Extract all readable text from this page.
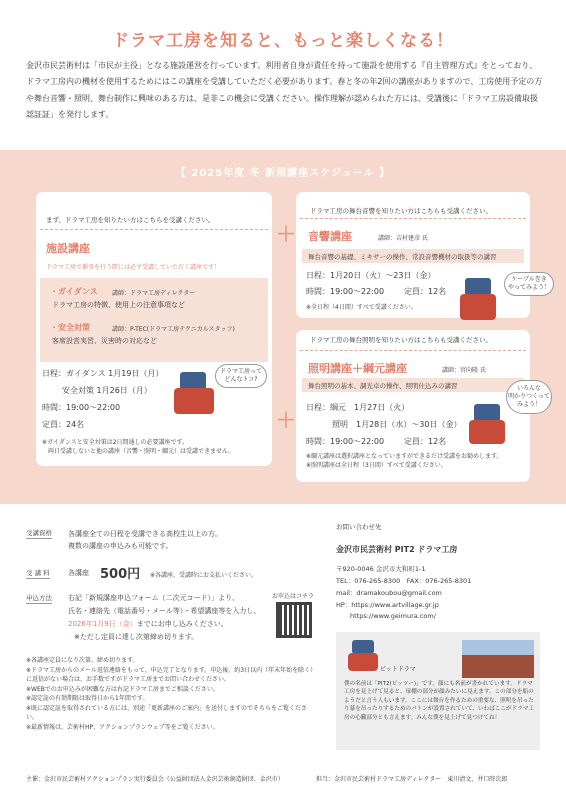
ドラマ工房を知ると、もっと楽しくなる！
金沢市民芸術村は「市民が主役」となる施設運営を行っています。利用者自身が責任を持って施設を使用する『自主管理方式』をとっており、ドラマ工房内の機材を使用するためにはこの講座を受講していただく必要があります。春と冬の年2回の講座がありますので、工房使用予定の方や舞台音響・照明、舞台制作に興味のある方は、是非この機会に受講ください。操作理解が認められた方には、受講後に「ドラマ工房設備取扱認証証」を発行します。
【 2025年度 冬 新規講座スケジュール 】
まず、ドラマ工房を知りたい方はこちらを受講ください。
施設講座
ドラマ工房で催事を行う際には必ず受講していただく講座です！
・ガイダンス 講師：ドラマ工房ディレクター
ドラマ工房の特徴、使用上の注意事項など
・安全対策	講師：P-TEC(ドラマ工房テクニカルスタッフ)
客席設営実習、災害時の対応など
日程：ガイダンス 1月19日（月）
安全対策 1月26日（月）
時間：19:00～22:00
定員：24名
※ガイダンスと安全対策は2日間通しの必要講座です。
　両日受講しないと他の講座（音響・照明・綱元）は受講できません。
ドラマ工房って
どんなトコ?
＋
＋
ドラマ工房の舞台音響を知りたい方はこちらも受講ください。
音響講座	講師：吉村建彦 氏
舞台音響の基礎、ミキサーの操作、常設音響機材の取扱等の講習
日程：1月20日（火）～23日（金）
時間：19:00～22:00 定員：12名
※全日程（4日間）すべて受講ください。
ケーブル巻き
やってみよう！
ドラマ工房の舞台照明を知りたい方はこちらも受講ください。
照明講座＋綱元講座	講師：宮向隆 氏
舞台照明の基本、調光卓の操作、照明仕込みの講習
日程：綱元　1月27日（火）
照明　1月28日（水）～30日（金）
時間：19:00～22:00 定員：12名
※綱元講座は選択講座となっていますができるだけ受講をお勧めします。
※照明講座は全日程（3日間）すべて受講ください。
いろんな
明かりつくって
みよう！
受講資格 各講座全ての日程を受講できる高校生以上の方。
複数の講座の申込みも可能です。
受 講 料	各講座 500円 ※各講座、受講時にお支払いください。
申込方法 右記「新規講座申込フォーム（二次元コード）」より、
氏名・連絡先（電話番号・メール等）・希望講座等を入力し、
2026年1月9日（金）までにお申し込みください。
※ただし定員に達し次第締め切ります。
お申込はコチラ
※各講座定員になり次第、締め切ります。
※ドラマ工房からのメール返信連絡をもって、申込完了となります。申込後、約3日以内（年末年始を除く）に返信がない場合は、お手数ですがドラマ工房までお問い合わせください。
※WEBでのお申込みが困難な方は右記ドラマ工房までご相談ください。
※認定証の有効期限は取得日から1年間です。
※既に認定証を取得されている方には、別途「更新講座のご案内」を送付しますのでそちらをご覧ください。
※最新情報は、芸術村HP、アクションプランウェブ等をご覧ください。
お問い合わせ先
金沢市民芸術村 PIT2 ドラマ工房
〒920-0046 金沢市大和町1-1
TEL：076-265-8300　FAX：076-265-8301
mail：dramakoubou@gmail.com
HP：https://www.artvillage.gr.jp
https://www.geimura.com/
ピットドラマ
僕の名前は「PIT2(ピッツー)」です。顔にも名前が書かれています。ドラマ工房を見上げて見ると、扉棚の部分が顔みたいに見えます。この部分を船のようだと言う人もいます。ここには舞台を作るための重要な、照明を吊ったり幕を吊ったりするためのバトンが設置されていて、いわばここがドラマ工房の心臓部分とも言えます。みんな僕を見上げて見つけてね！
主催：金沢市民芸術村アクションプラン実行委員会（公益財団法人金沢芸術創造財団、金沢市）	担当：金沢市民芸術村ドラマ工房ディレクター　東川清文、井口時次郎
